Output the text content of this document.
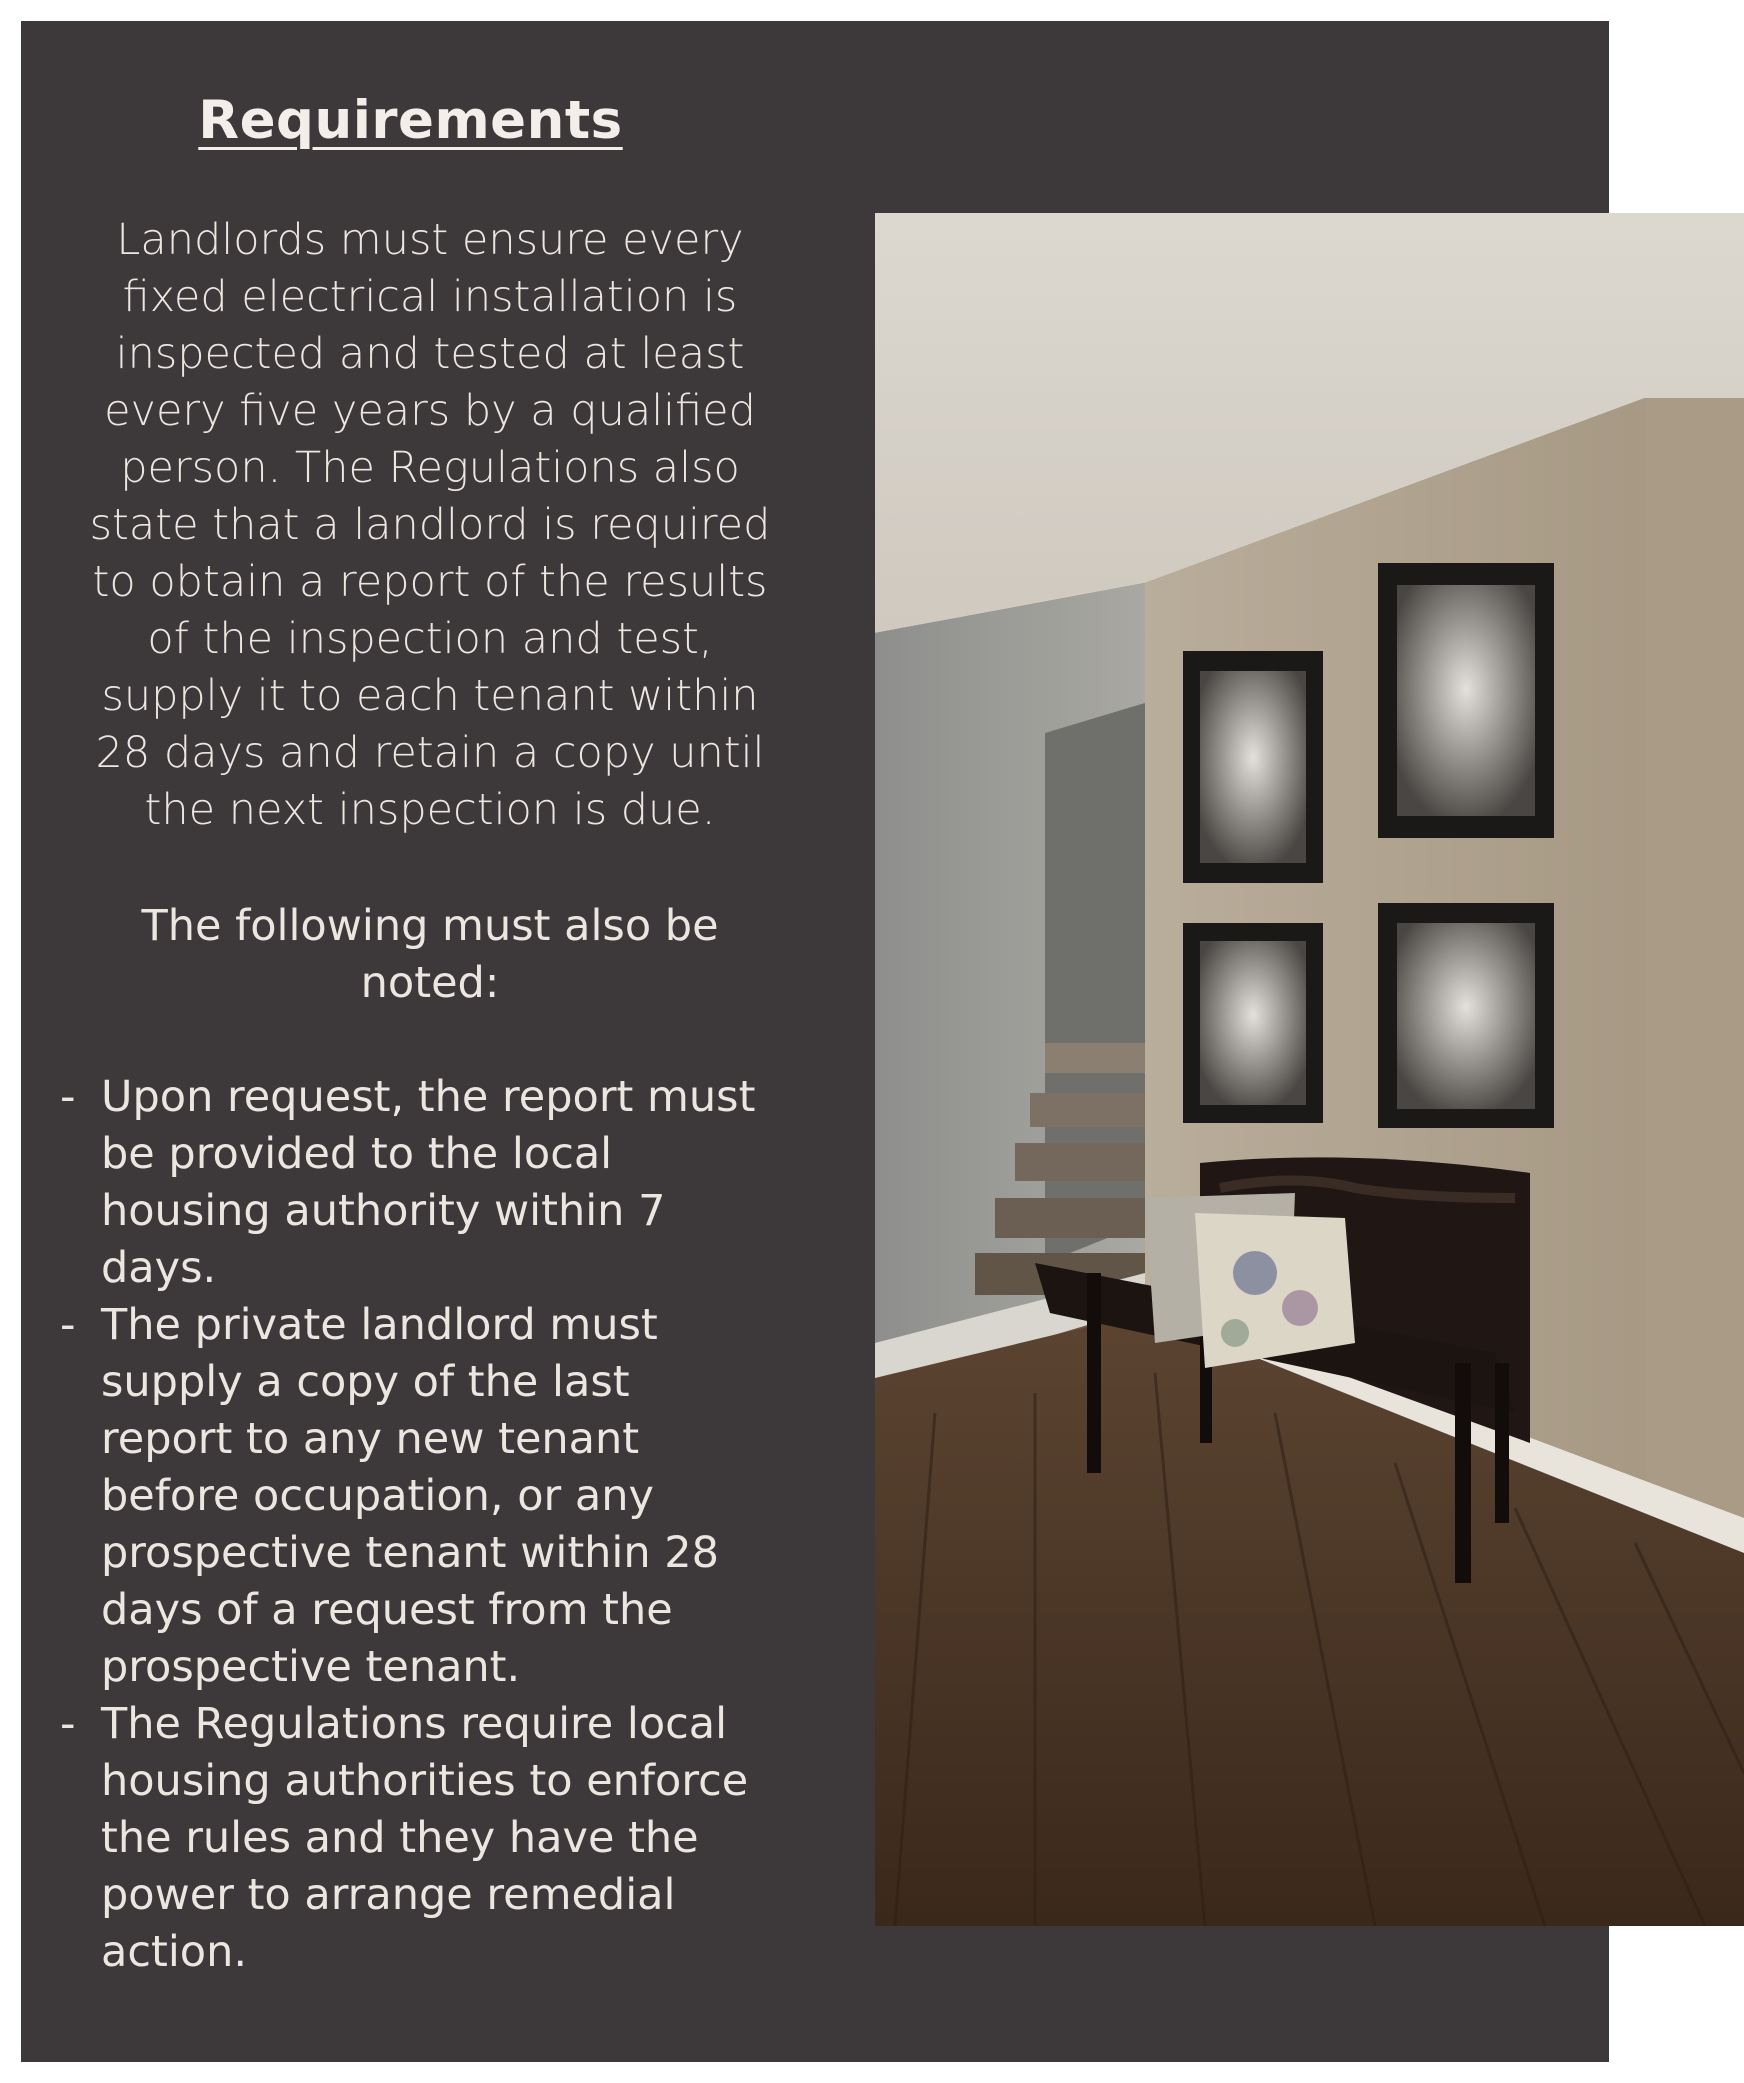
Requirements

Landlords must ensure every

fixed electrical installation is

inspected and tested at least

every five years by a qualified

person. The Regulations also

state that a landlord is required

to obtain a report of the results

of the inspection and test,

supply it to each tenant within

28 days and retain a copy until

the next inspection is due.

The following must also be

noted:

- Upon request, the report must
be provided to the local
housing authority within 7
days.
- The private landlord must
supply a copy of the last
report to any new tenant
before occupation, or any
prospective tenant within 28
days of a request from the
prospective tenant.
- The Regulations require local
housing authorities to enforce
the rules and they have the
power to arrange remedial
action.
